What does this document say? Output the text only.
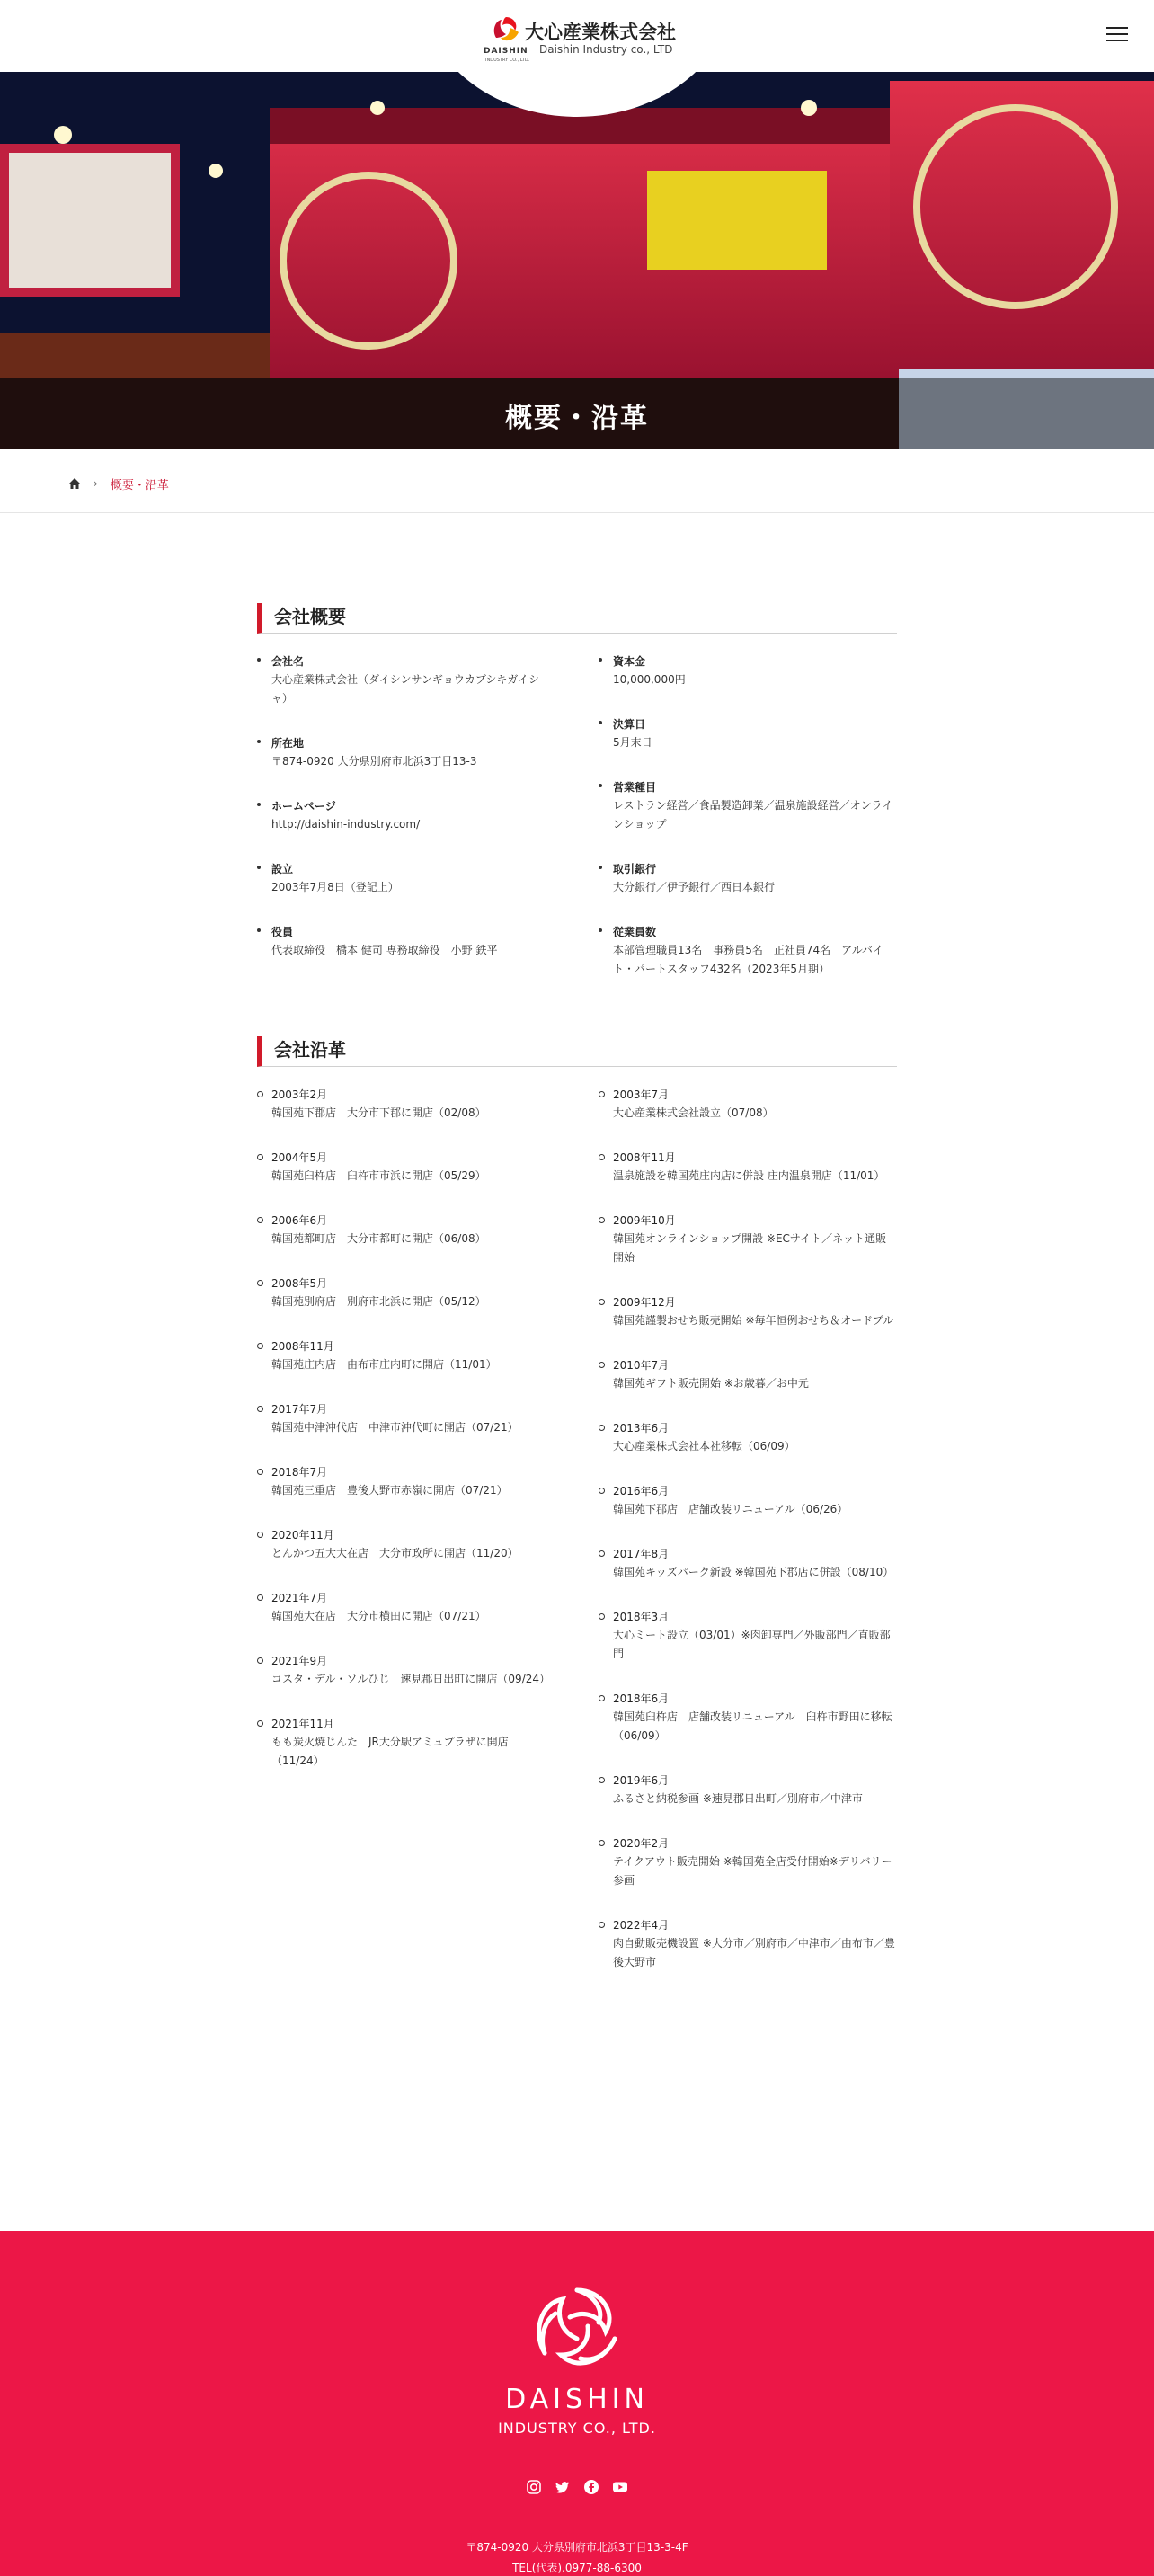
DAISHIN
INDUSTRY CO., LTD.
大心産業株式会社
Daishin Industry co., LTD
概要・沿革
› 概要・沿革
会社概要
会社名
大心産業株式会社（ダイシンサンギョウカブシキガイシャ）
所在地
〒874-0920 大分県別府市北浜3丁目13-3
ホームページ
http://daishin-industry.com/
設立
2003年7月8日（登記上）
役員
代表取締役　橋本 健司 専務取締役　小野 鉄平
資本金
10,000,000円
決算日
5月末日
営業種目
レストラン経営／食品製造卸業／温泉施設経営／オンラインショップ
取引銀行
大分銀行／伊予銀行／西日本銀行
従業員数
本部管理職員13名　事務員5名　正社員74名　アルバイト・パートスタッフ432名（2023年5月期）
会社沿革
2003年2月
韓国苑下郡店　大分市下郡に開店（02/08）
2004年5月
韓国苑臼杵店　臼杵市市浜に開店（05/29）
2006年6月
韓国苑都町店　大分市都町に開店（06/08）
2008年5月
韓国苑別府店　別府市北浜に開店（05/12）
2008年11月
韓国苑庄内店　由布市庄内町に開店（11/01）
2017年7月
韓国苑中津沖代店　中津市沖代町に開店（07/21）
2018年7月
韓国苑三重店　豊後大野市赤嶺に開店（07/21）
2020年11月
とんかつ五大大在店　大分市政所に開店（11/20）
2021年7月
韓国苑大在店　大分市横田に開店（07/21）
2021年9月
コスタ・デル・ソルひじ　速見郡日出町に開店（09/24）
2021年11月
もも炭火焼じんた　JR大分駅アミュプラザに開店（11/24）
2003年7月
大心産業株式会社設立（07/08）
2008年11月
温泉施設を韓国苑庄内店に併設 庄内温泉開店（11/01）
2009年10月
韓国苑オンラインショップ開設 ※ECサイト／ネット通販開始
2009年12月
韓国苑謹製おせち販売開始 ※毎年恒例おせち＆オードブル
2010年7月
韓国苑ギフト販売開始 ※お歳暮／お中元
2013年6月
大心産業株式会社本社移転（06/09）
2016年6月
韓国苑下郡店　店舗改装リニューアル（06/26）
2017年8月
韓国苑キッズパーク新設 ※韓国苑下郡店に併設（08/10）
2018年3月
大心ミート設立（03/01）※肉卸専門／外販部門／直販部門
2018年6月
韓国苑臼杵店　店舗改装リニューアル　臼杵市野田に移転（06/09）
2019年6月
ふるさと納税参画 ※速見郡日出町／別府市／中津市
2020年2月
テイクアウト販売開始 ※韓国苑全店受付開始※デリバリー参画
2022年4月
肉自動販売機設置 ※大分市／別府市／中津市／由布市／豊後大野市
DAISHIN
INDUSTRY CO., LTD.
〒874-0920 大分県別府市北浜3丁目13-3-4F
TEL(代表).0977-88-6300
